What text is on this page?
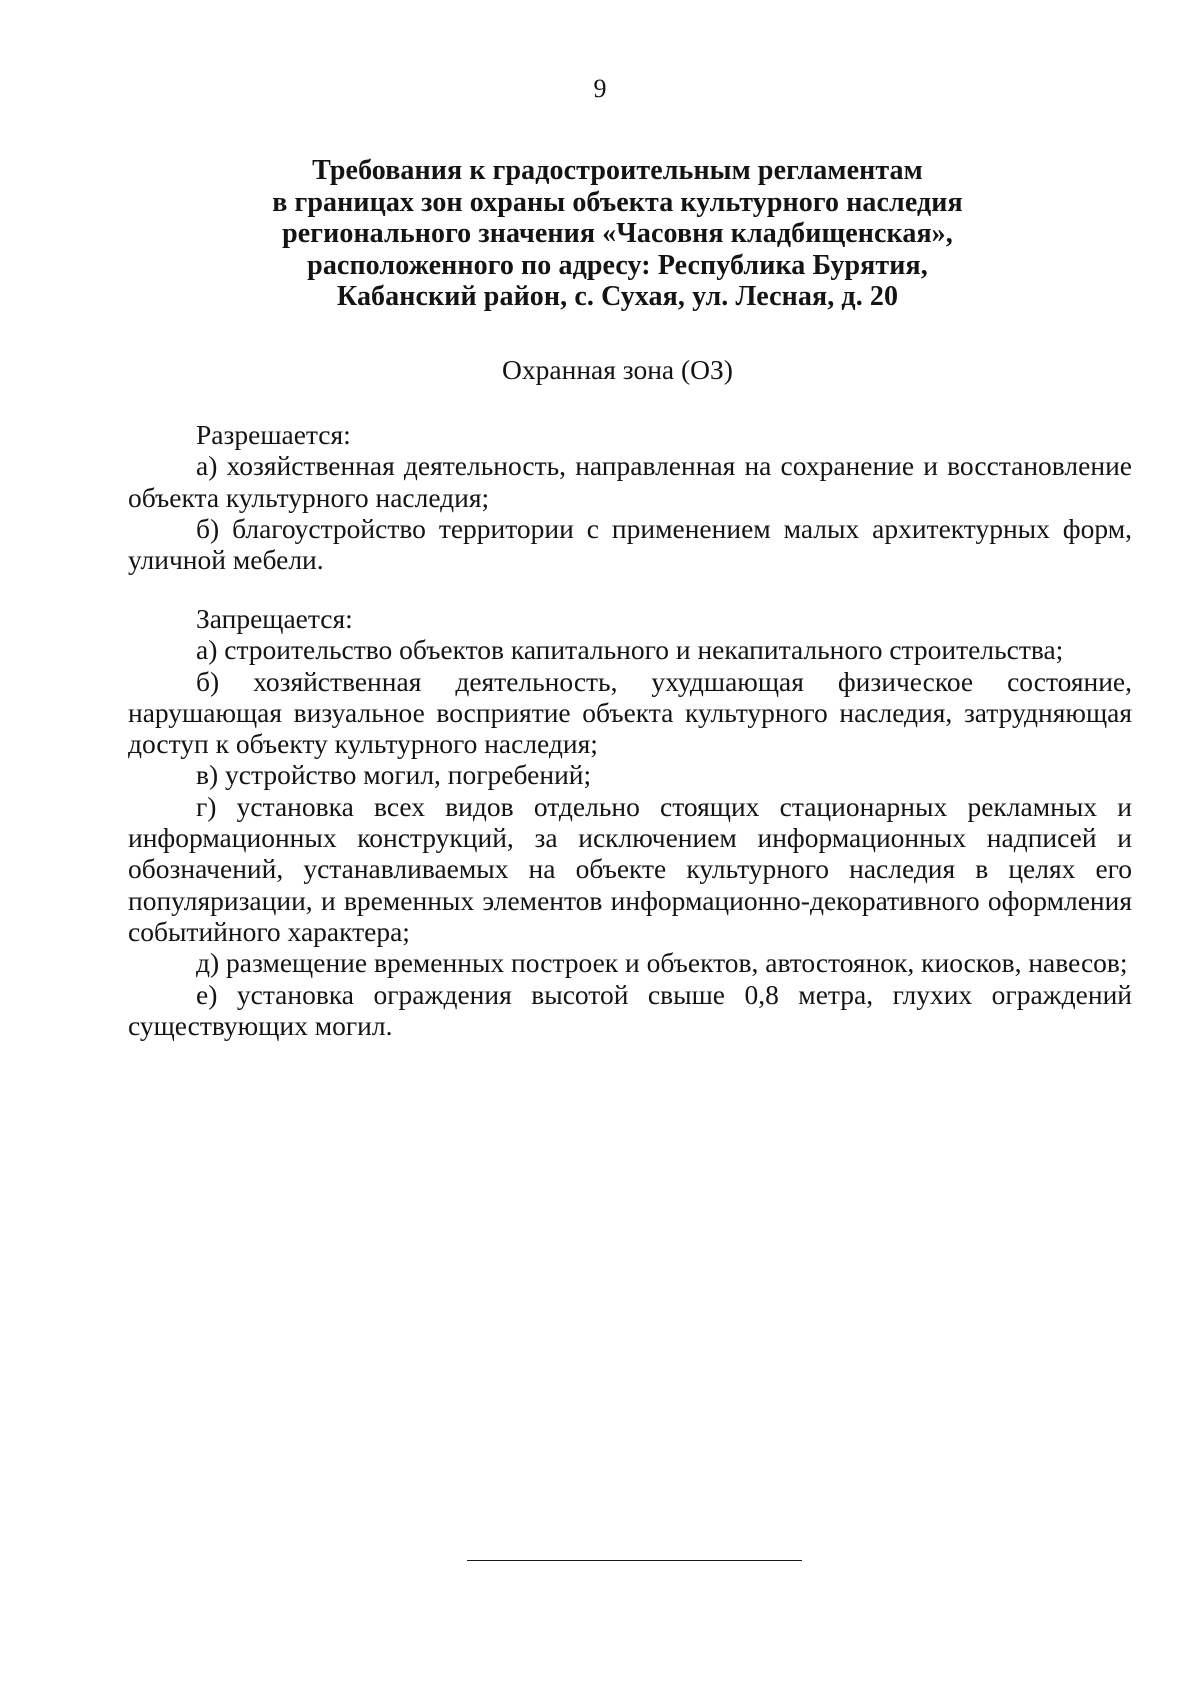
9
Требования к градостроительным регламентам
в границах зон охраны объекта культурного наследия
регионального значения «Часовня кладбищенская»,
расположенного по адресу: Республика Бурятия,
Кабанский район, с. Сухая, ул. Лесная, д. 20
Охранная зона (ОЗ)
Разрешается:
а) хозяйственная деятельность, направленная на сохранение и восстановление объекта культурного наследия;
б) благоустройство территории с применением малых архитектурных форм, уличной мебели.
Запрещается:
а) строительство объектов капитального и некапитального строительства;
б) хозяйственная деятельность, ухудшающая физическое состояние, нарушающая визуальное восприятие объекта культурного наследия, затрудняющая доступ к объекту культурного наследия;
в) устройство могил, погребений;
г) установка всех видов отдельно стоящих стационарных рекламных и информационных конструкций, за исключением информационных надписей и обозначений, устанавливаемых на объекте культурного наследия в целях его популяризации, и временных элементов информационно-декоративного оформления событийного характера;
д) размещение временных построек и объектов, автостоянок, киосков, навесов;
е) установка ограждения высотой свыше 0,8 метра, глухих ограждений существующих могил.
